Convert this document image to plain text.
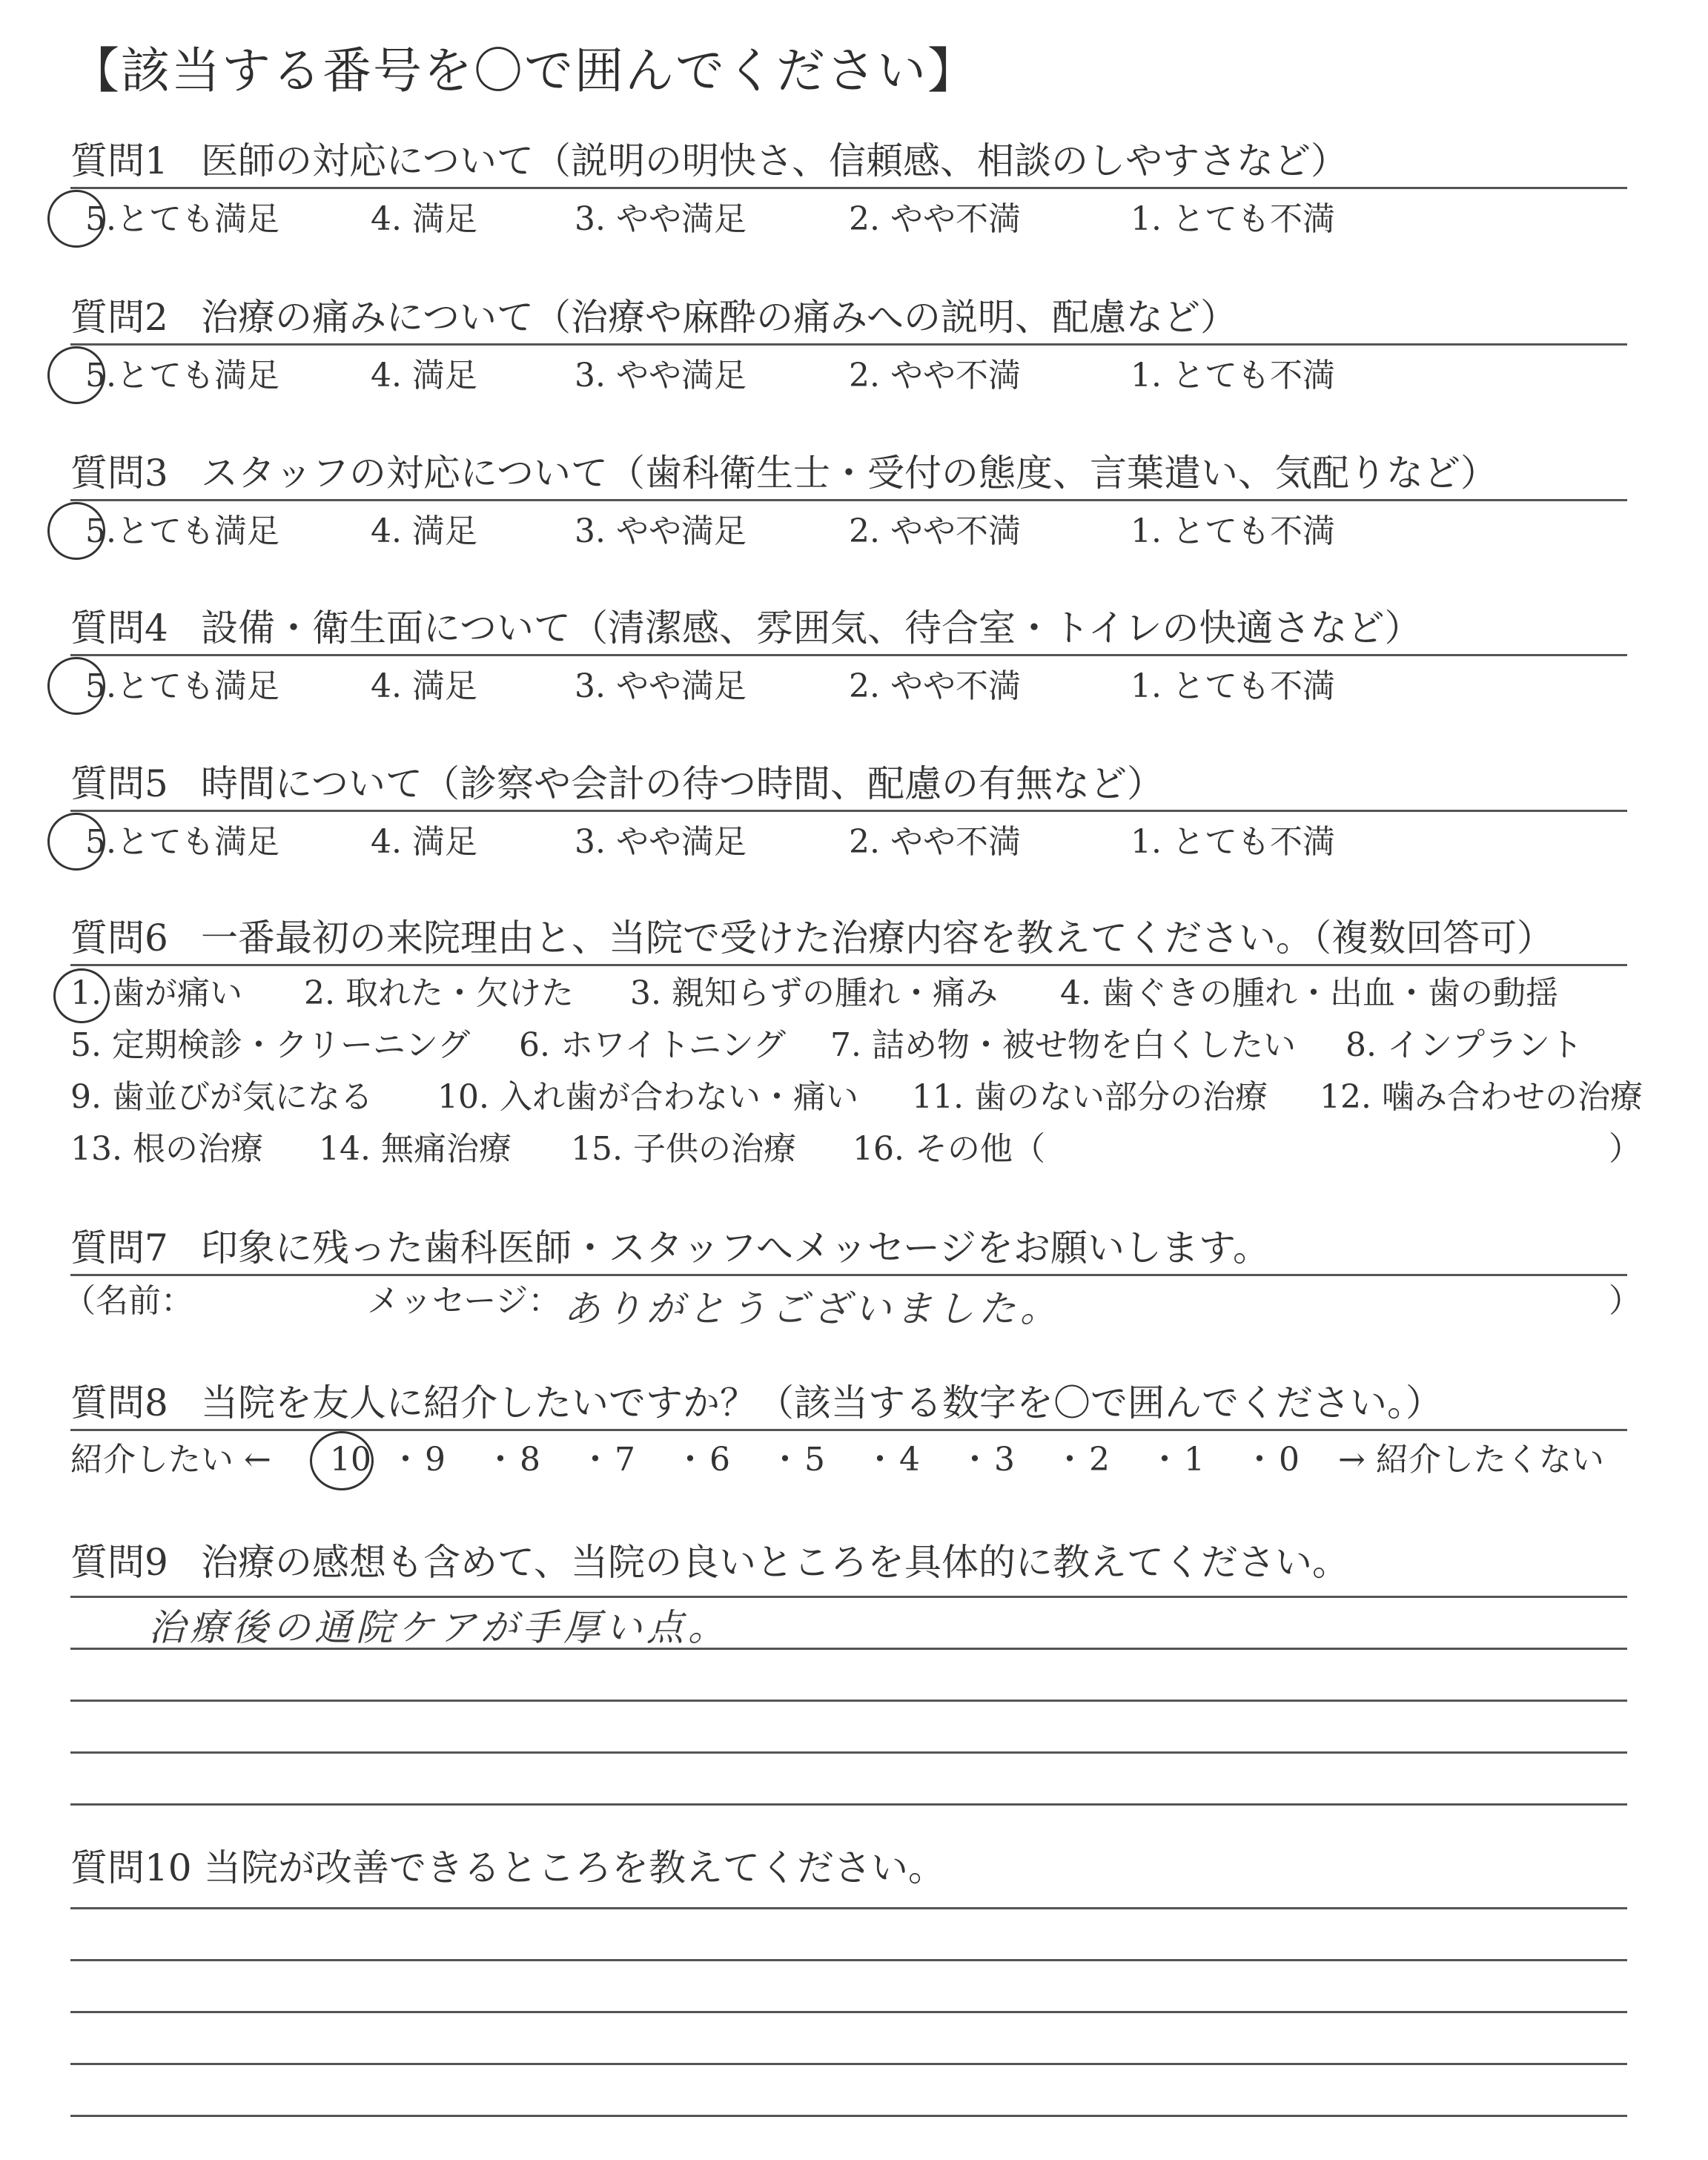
【該当する番号を〇で囲んでください】
質問1 医師の対応について（説明の明快さ、信頼感、相談のしやすさなど）
5.とても満足	4. 満足	3. やや満足	2. やや不満	1. とても不満
質問2 治療の痛みについて（治療や麻酔の痛みへの説明、配慮など）
5.とても満足	4. 満足	3. やや満足	2. やや不満	1. とても不満
質問3 スタッフの対応について（歯科衛生士・受付の態度、言葉遣い、気配りなど）
5.とても満足	4. 満足	3. やや満足	2. やや不満	1. とても不満
質問4 設備・衛生面について（清潔感、雰囲気、待合室・トイレの快適さなど）
5.とても満足	4. 満足	3. やや満足	2. やや不満	1. とても不満
質問5 時間について（診察や会計の待つ時間、配慮の有無など）
5.とても満足	4. 満足	3. やや満足	2. やや不満	1. とても不満
質問6 一番最初の来院理由と、当院で受けた治療内容を教えてください。（複数回答可）
1. 歯が痛い 2. 取れた・欠けた 3. 親知らずの腫れ・痛み 4. 歯ぐきの腫れ・出血・歯の動揺
5. 定期検診・クリーニング 6. ホワイトニング 7. 詰め物・被せ物を白くしたい 8. インプラント
9. 歯並びが気になる 10. 入れ歯が合わない・痛い 11. 歯のない部分の治療 12. 噛み合わせの治療
13. 根の治療 14. 無痛治療 15. 子供の治療 16. その他（	）
質問7 印象に残った歯科医師・スタッフへメッセージをお願いします。
（名前：	メッセージ： ありがとうございました。	）
質問8 当院を友人に紹介したいですか？（該当する数字を〇で囲んでください。）
紹介したい ← 10 ・ 9 ・ 8 ・ 7 ・ 6 ・ 5 ・ 4 ・ 3 ・ 2 ・ 1 ・ 0 → 紹介したくない
質問9 治療の感想も含めて、当院の良いところを具体的に教えてください。
治療後の通院ケアが手厚い点。
質問10 当院が改善できるところを教えてください。
